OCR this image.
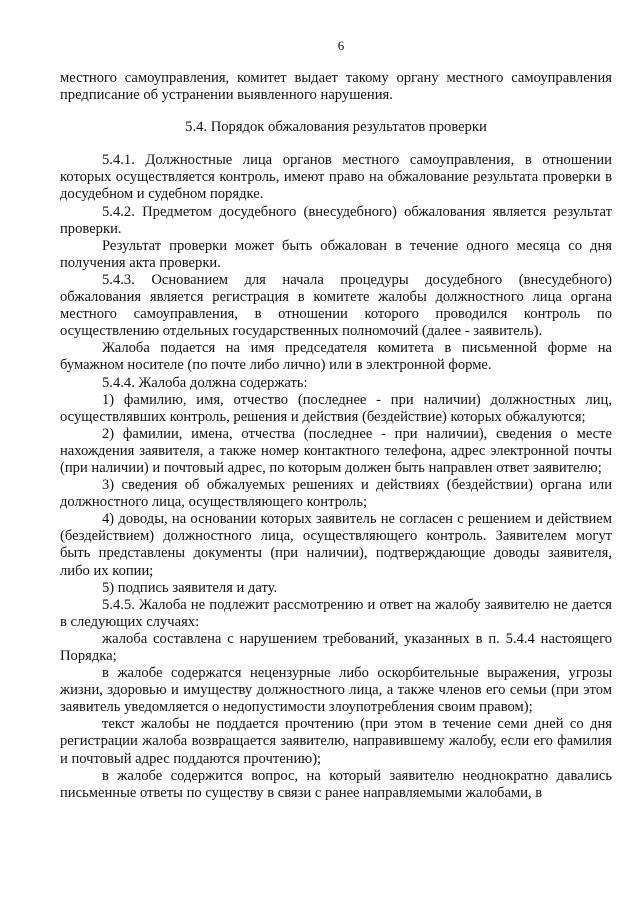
6

местного самоуправления, комитет выдает такому органу местного самоуправления предписание об устранении выявленного нарушения.

5.4. Порядок обжалования результатов проверки

5.4.1. Должностные лица органов местного самоуправления, в отношении которых осуществляется контроль, имеют право на обжалование результата проверки в досудебном и судебном порядке.

5.4.2. Предметом досудебного (внесудебного) обжалования является результат проверки.

Результат проверки может быть обжалован в течение одного месяца со дня получения акта проверки.

5.4.3. Основанием для начала процедуры досудебного (внесудебного) обжалования является регистрация в комитете жалобы должностного лица органа местного самоуправления, в отношении которого проводился контроль по осуществлению отдельных государственных полномочий (далее - заявитель).

Жалоба подается на имя председателя комитета в письменной форме на бумажном носителе (по почте либо лично) или в электронной форме.

5.4.4. Жалоба должна содержать:

1) фамилию, имя, отчество (последнее - при наличии) должностных лиц, осуществлявших контроль, решения и действия (бездействие) которых обжалуются;

2) фамилии, имена, отчества (последнее - при наличии), сведения о месте нахождения заявителя, а также номер контактного телефона, адрес электронной почты (при наличии) и почтовый адрес, по которым должен быть направлен ответ заявителю;

3) сведения об обжалуемых решениях и действиях (бездействии) органа или должностного лица, осуществляющего контроль;

4) доводы, на основании которых заявитель не согласен с решением и действием (бездействием) должностного лица, осуществляющего контроль. Заявителем могут быть представлены документы (при наличии), подтверждающие доводы заявителя, либо их копии;

5) подпись заявителя и дату.

5.4.5. Жалоба не подлежит рассмотрению и ответ на жалобу заявителю не дается в следующих случаях:

жалоба составлена с нарушением требований, указанных в п. 5.4.4 настоящего Порядка;

в жалобе содержатся нецензурные либо оскорбительные выражения, угрозы жизни, здоровью и имуществу должностного лица, а также членов его семьи (при этом заявитель уведомляется о недопустимости злоупотребления своим правом);

текст жалобы не поддается прочтению (при этом в течение семи дней со дня регистрации жалоба возвращается заявителю, направившему жалобу, если его фамилия и почтовый адрес поддаются прочтению);

в жалобе содержится вопрос, на который заявителю неоднократно давались письменные ответы по существу в связи с ранее направляемыми жалобами, в
